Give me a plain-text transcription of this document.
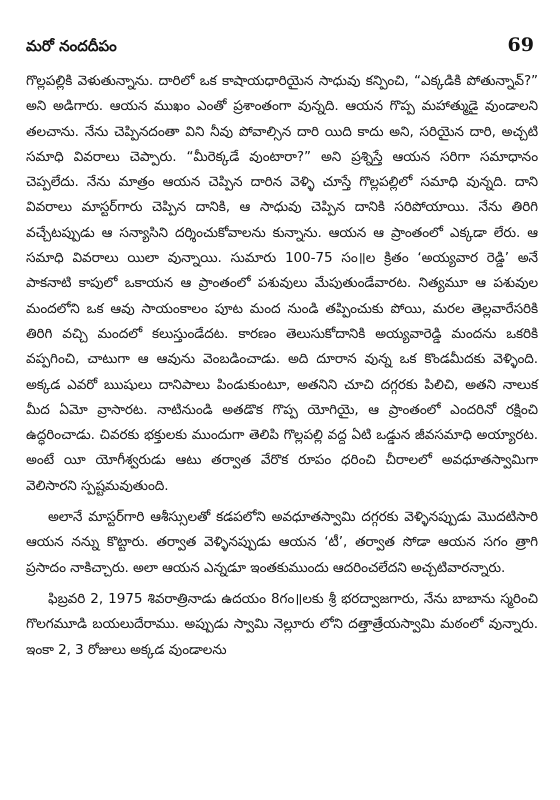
మరో నందదీపం	69

గొల్లపల్లికి వెళుతున్నాను. దారిలో ఒక కాషాయధారియైన సాధువు కన్పించి, “ఎక్కడికి పోతున్నావ్?” అని అడిగారు. ఆయన ముఖం ఎంతో ప్రశాంతంగా వున్నది. ఆయన గొప్ప మహాత్ముడై వుండాలని తలచాను. నేను చెప్పినదంతా విని నీవు పోవాల్సిన దారి యిది కాదు అని, సరియైన దారి, అచ్చటి సమాధి వివరాలు చెప్పారు. “మీరెక్కడే వుంటారా?” అని ప్రశ్నిస్తే ఆయన సరిగా సమాధానం చెప్పలేదు. నేను మాత్రం ఆయన చెప్పిన దారిన వెళ్ళి చూస్తే గొల్లపల్లిలో సమాధి వున్నది. దాని వివరాలు మాస్టర్‌గారు చెప్పిన దానికి, ఆ సాధువు చెప్పిన దానికి సరిపోయాయి. నేను తిరిగి వచ్చేటప్పుడు ఆ సన్యాసిని దర్శించుకోవాలను కున్నాను. ఆయన ఆ ప్రాంతంలో ఎక్కడా లేరు. ఆ సమాధి వివరాలు యిలా వున్నాయి. సుమారు 100-75 సం॥ల క్రితం ‘అయ్యవార రెడ్డి’ అనే పాకనాటి కాపులో ఒకాయన ఆ ప్రాంతంలో పశువులు మేపుతుండేవారట. నిత్యమూ ఆ పశువుల మందలోని ఒక ఆవు సాయంకాలం పూట మంద నుండి తప్పించుకు పోయి, మరల తెల్లవారేసరికి తిరిగి వచ్చి మందలో కలుస్తుండేదట. కారణం తెలుసుకోదానికి అయ్యవారెడ్డి మందను ఒకరికి వప్పగించి, చాటుగా ఆ ఆవును వెంబడించాడు. అది దూరాన వున్న ఒక కొండమీదకు వెళ్ళింది. అక్కడ ఎవరో ఋషులు దానిపాలు పిండుకుంటూ, అతనిని చూచి దగ్గరకు పిలిచి, అతని నాలుక మీద ఏమో వ్రాసారట. నాటినుండి అతడొక గొప్ప యోగియై, ఆ ప్రాంతంలో ఎందరినో రక్షించి ఉద్ధరించాడు. చివరకు భక్తులకు ముందుగా తెలిపి గొల్లపల్లి వద్ద ఏటి ఒడ్డున జీవసమాధి అయ్యారట. అంటే యీ యోగీశ్వరుడు ఆటు తర్వాత వేరొక రూపం ధరించి చీరాలలో అవధూతస్వామిగా వెలిసారని స్పష్టమవుతుంది.

అలానే మాస్టర్‌గారి ఆశీస్సులతో కడపలోని అవధూతస్వామి దగ్గరకు వెళ్ళినప్పుడు మొదటిసారి ఆయన నన్ను కొట్టారు. తర్వాత వెళ్ళినప్పుడు ఆయన ‘టీ’, తర్వాత సోడా ఆయన సగం త్రాగి ప్రసాదం నాకిచ్చారు. అలా ఆయన ఎన్నడూ ఇంతకుముందు ఆదరించలేదని అచ్చటివారన్నారు.

ఫిబ్రవరి 2, 1975 శివరాత్రినాడు ఉదయం 8గం॥లకు శ్రీ భరద్వాజగారు, నేను బాబాను స్మరించి గొలగమూడి బయలుదేరాము. అప్పుడు స్వామి నెల్లూరు లోని దత్తాత్రేయస్వామి మఠంలో వున్నారు. ఇంకా 2, 3 రోజులు అక్కడ వుండాలను
